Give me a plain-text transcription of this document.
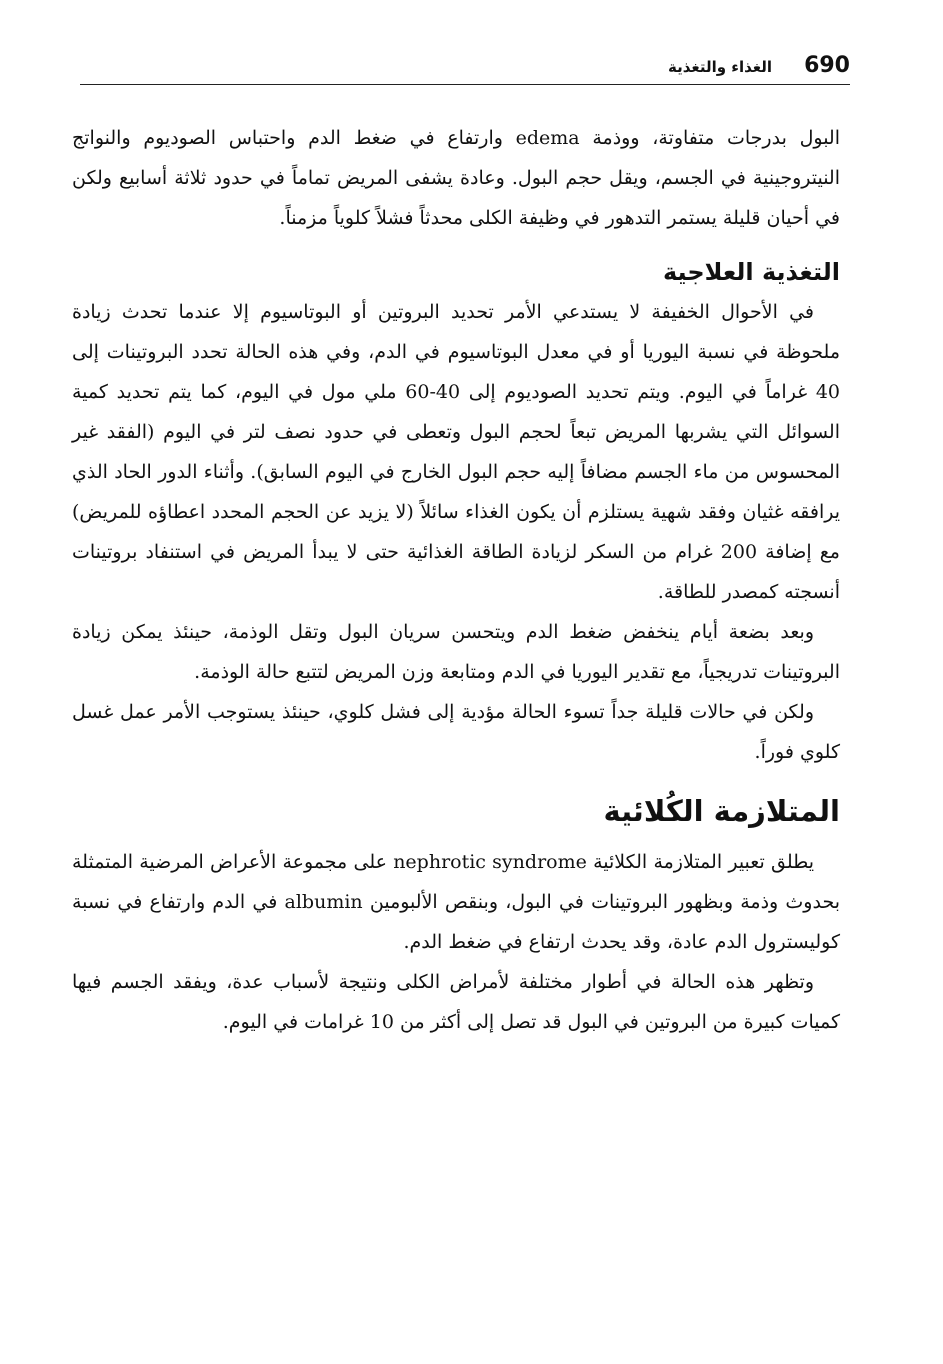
690
الغذاء والتغذية

البول بدرجات متفاوتة، ووذمة edema وارتفاع في ضغط الدم واحتباس الصوديوم والنواتج النيتروجينية في الجسم، ويقل حجم البول. وعادة يشفى المريض تماماً في حدود ثلاثة أسابيع ولكن في أحيان قليلة يستمر التدهور في وظيفة الكلى محدثاً فشلاً كلوياً مزمناً.

التغذية العلاجية

في الأحوال الخفيفة لا يستدعي الأمر تحديد البروتين أو البوتاسيوم إلا عندما تحدث زيادة ملحوظة في نسبة اليوريا أو في معدل البوتاسيوم في الدم، وفي هذه الحالة تحدد البروتينات إلى 40 غراماً في اليوم. ويتم تحديد الصوديوم إلى 40-60 ملي مول في اليوم، كما يتم تحديد كمية السوائل التي يشربها المريض تبعاً لحجم البول وتعطى في حدود نصف لتر في اليوم (الفقد غير المحسوس من ماء الجسم مضافاً إليه حجم البول الخارج في اليوم السابق). وأثناء الدور الحاد الذي يرافقه غثيان وفقد شهية يستلزم أن يكون الغذاء سائلاً (لا يزيد عن الحجم المحدد اعطاؤه للمريض) مع إضافة 200 غرام من السكر لزيادة الطاقة الغذائية حتى لا يبدأ المريض في استنفاد بروتينات أنسجته كمصدر للطاقة.

وبعد بضعة أيام ينخفض ضغط الدم ويتحسن سريان البول وتقل الوذمة، حينئذ يمكن زيادة البروتينات تدريجياً، مع تقدير اليوريا في الدم ومتابعة وزن المريض لتتبع حالة الوذمة.

ولكن في حالات قليلة جداً تسوء الحالة مؤدية إلى فشل كلوي، حينئذ يستوجب الأمر عمل غسل كلوي فوراً.

المتلازمة الكُلائية

يطلق تعبير المتلازمة الكلائية nephrotic syndrome على مجموعة الأعراض المرضية المتمثلة بحدوث وذمة وبظهور البروتينات في البول، وبنقص الألبومين albumin في الدم وارتفاع في نسبة كوليسترول الدم عادة، وقد يحدث ارتفاع في ضغط الدم.

وتظهر هذه الحالة في أطوار مختلفة لأمراض الكلى ونتيجة لأسباب عدة، ويفقد الجسم فيها كميات كبيرة من البروتين في البول قد تصل إلى أكثر من 10 غرامات في اليوم.
